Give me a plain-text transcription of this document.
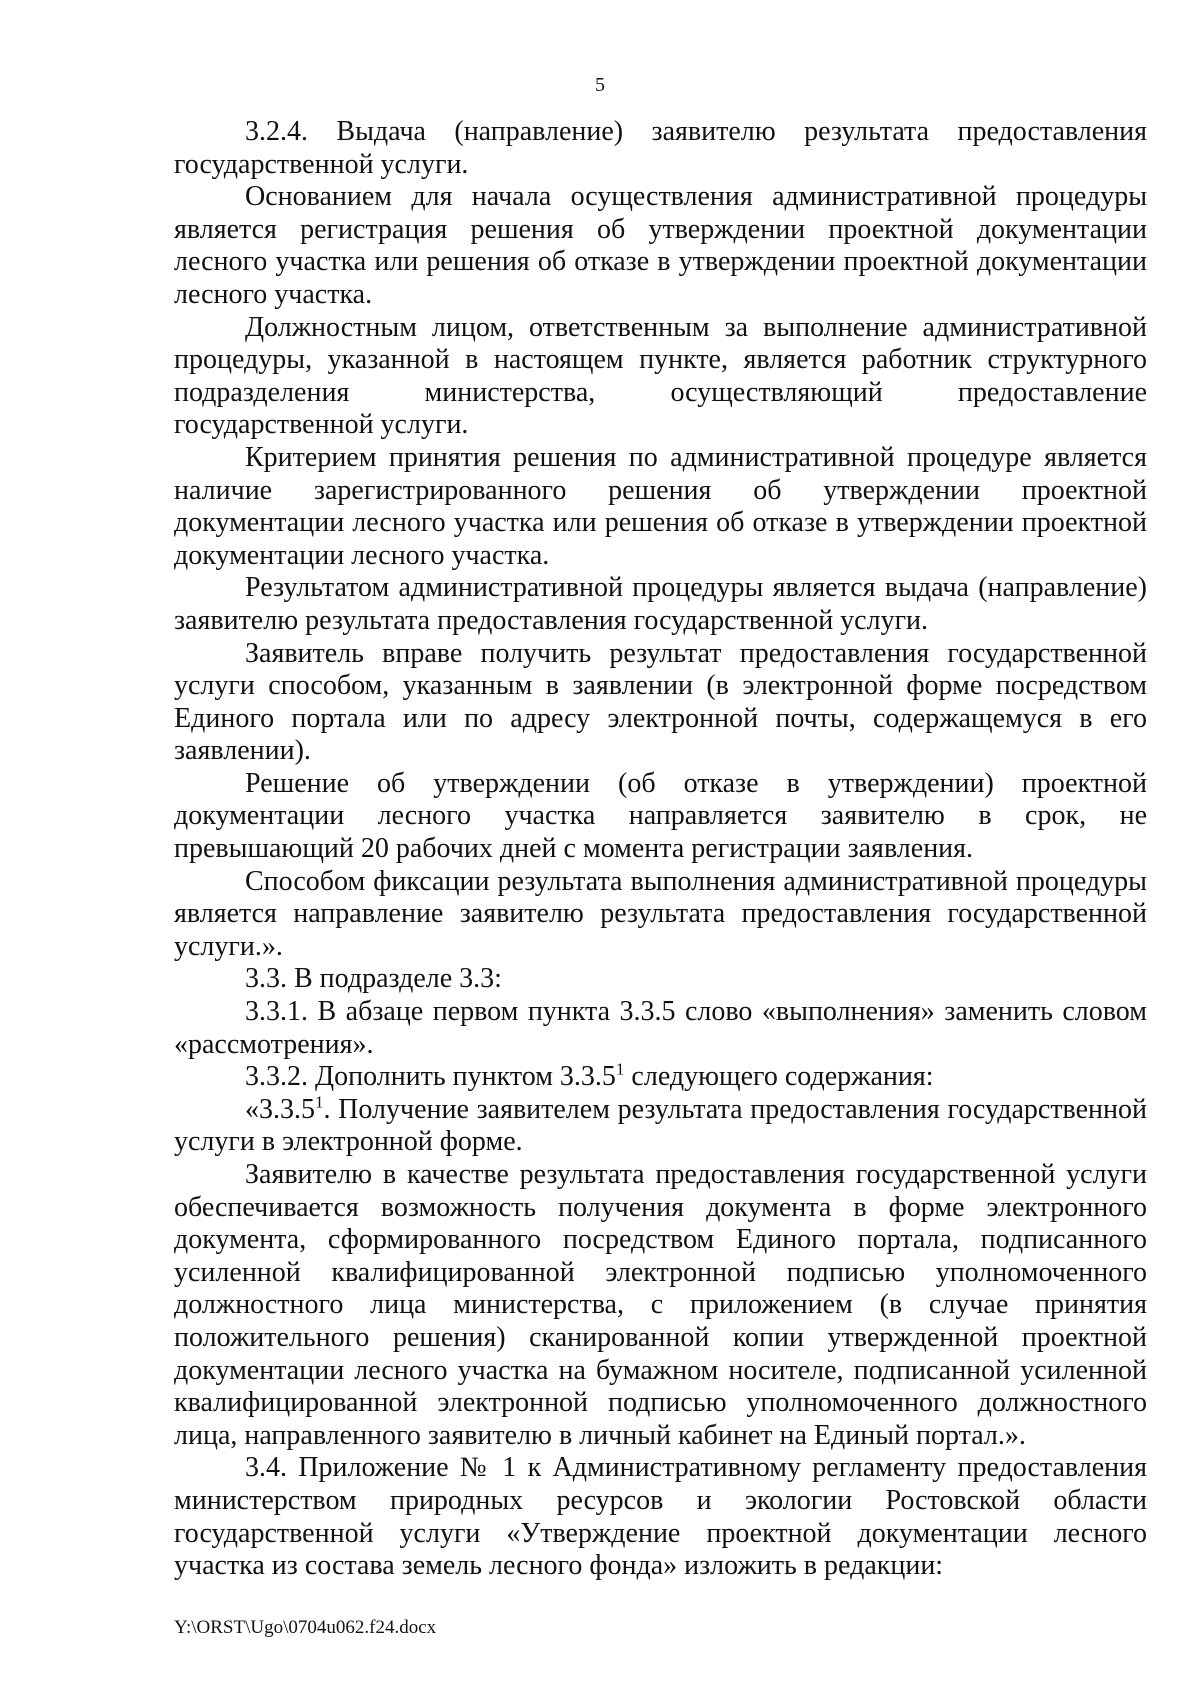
5

3.2.4. Выдача (направление) заявителю результата предоставления государственной услуги.

Основанием для начала осуществления административной процедуры является регистрация решения об утверждении проектной документации лесного участка или решения об отказе в утверждении проектной документации лесного участка.

Должностным лицом, ответственным за выполнение административной процедуры, указанной в настоящем пункте, является работник структурного подразделения министерства, осуществляющий предоставление государственной услуги.

Критерием принятия решения по административной процедуре является наличие зарегистрированного решения об утверждении проектной документации лесного участка или решения об отказе в утверждении проектной документации лесного участка.

Результатом административной процедуры является выдача (направление) заявителю результата предоставления государственной услуги.

Заявитель вправе получить результат предоставления государственной услуги способом, указанным в заявлении (в электронной форме посредством Единого портала или по адресу электронной почты, содержащемуся в его заявлении).

Решение об утверждении (об отказе в утверждении) проектной документации лесного участка направляется заявителю в срок, не превышающий 20 рабочих дней с момента регистрации заявления.

Способом фиксации результата выполнения административной процедуры является направление заявителю результата предоставления государственной услуги.».

3.3. В подразделе 3.3:

3.3.1. В абзаце первом пункта 3.3.5 слово «выполнения» заменить словом «рассмотрения».

3.3.2. Дополнить пунктом 3.3.5$^1$ следующего содержания:

«3.3.5$^1$. Получение заявителем результата предоставления государственной услуги в электронной форме.

Заявителю в качестве результата предоставления государственной услуги обеспечивается возможность получения документа в форме электронного документа, сформированного посредством Единого портала, подписанного усиленной квалифицированной электронной подписью уполномоченного должностного лица министерства, с приложением (в случае принятия положительного решения) сканированной копии утвержденной проектной документации лесного участка на бумажном носителе, подписанной усиленной квалифицированной электронной подписью уполномоченного должностного лица, направленного заявителю в личный кабинет на Единый портал.».

3.4. Приложение № 1 к Административному регламенту предоставления министерством природных ресурсов и экологии Ростовской области государственной услуги «Утверждение проектной документации лесного участка из состава земель лесного фонда» изложить в редакции:

Y:\ORST\Ugo\0704u062.f24.docx
